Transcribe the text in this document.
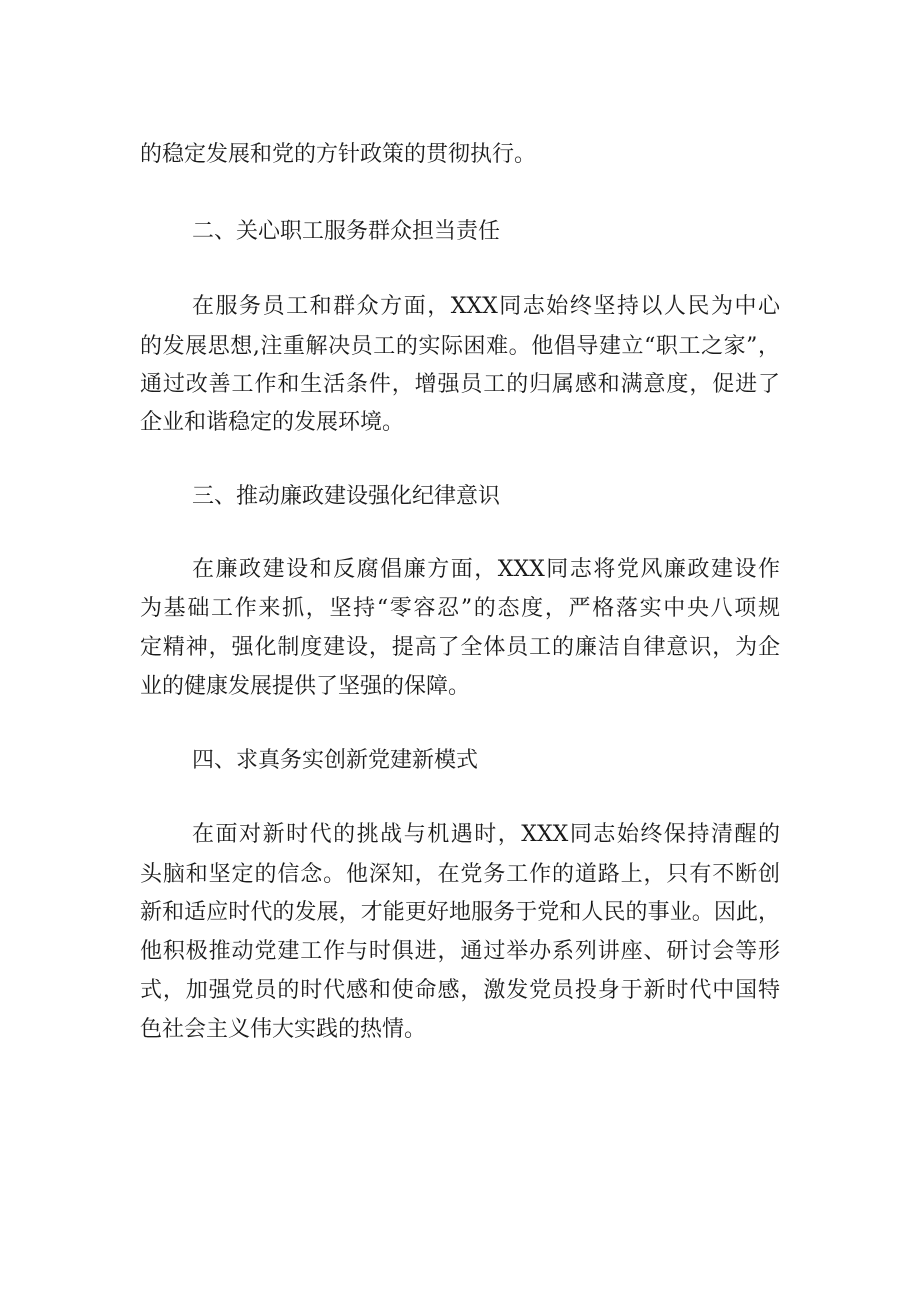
的稳定发展和党的方针政策的贯彻执行。
二、关心职工服务群众担当责任
在服务员工和群众方面，XXX同志始终坚持以人民为中心
的发展思想,注重解决员工的实际困难。他倡导建立“职工之家”，
通过改善工作和生活条件，增强员工的归属感和满意度，促进了
企业和谐稳定的发展环境。
三、推动廉政建设强化纪律意识
在廉政建设和反腐倡廉方面，XXX同志将党风廉政建设作
为基础工作来抓，坚持“零容忍”的态度，严格落实中央八项规
定精神，强化制度建设，提高了全体员工的廉洁自律意识，为企
业的健康发展提供了坚强的保障。
四、求真务实创新党建新模式
在面对新时代的挑战与机遇时，XXX同志始终保持清醒的
头脑和坚定的信念。他深知，在党务工作的道路上，只有不断创
新和适应时代的发展，才能更好地服务于党和人民的事业。因此，
他积极推动党建工作与时俱进，通过举办系列讲座、研讨会等形
式，加强党员的时代感和使命感，激发党员投身于新时代中国特
色社会主义伟大实践的热情。
